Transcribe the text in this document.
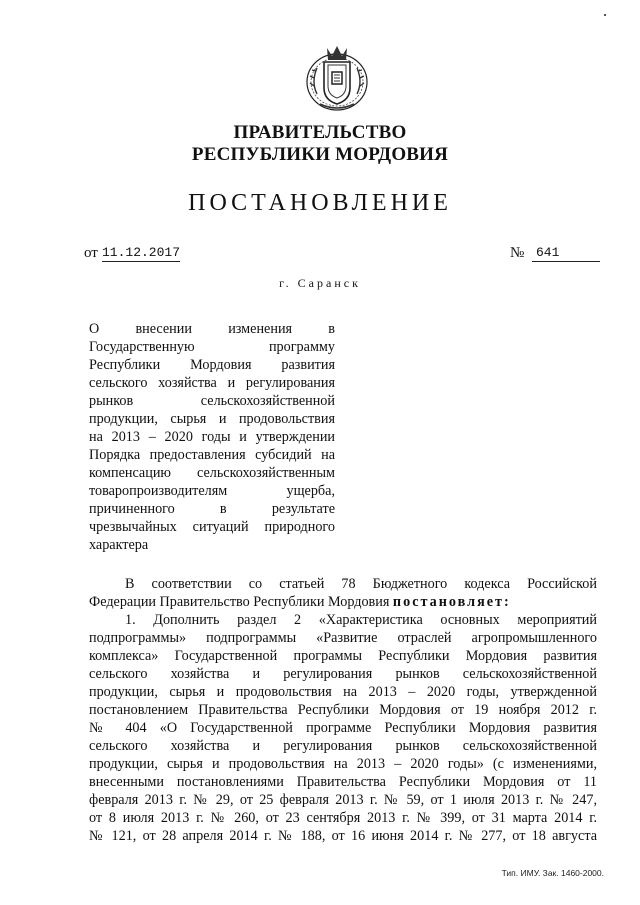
ПРАВИТЕЛЬСТВО
РЕСПУБЛИКИ МОРДОВИЯ
ПОСТАНОВЛЕНИЕ
от 11.12.2017	№ 641
г. Саранск
О внесении изменения в
Государственную программу
Республики Мордовия развития
сельского хозяйства и регулирования
рынков сельскохозяйственной
продукции, сырья и продовольствия
на 2013 – 2020 годы и утверждении
Порядка предоставления субсидий на
компенсацию сельскохозяйственным
товаропроизводителям ущерба,
причиненного в результате
чрезвычайных ситуаций природного
характера
В соответствии со статьей 78 Бюджетного кодекса Российской
Федерации Правительство Республики Мордовия постановляет:
1. Дополнить раздел 2 «Характеристика основных мероприятий
подпрограммы» подпрограммы «Развитие отраслей агропромышленного
комплекса» Государственной программы Республики Мордовия развития
сельского хозяйства и регулирования рынков сельскохозяйственной
продукции, сырья и продовольствия на 2013 – 2020 годы, утвержденной
постановлением Правительства Республики Мордовия от 19 ноября 2012 г.
№ 404 «О Государственной программе Республики Мордовия развития
сельского хозяйства и регулирования рынков сельскохозяйственной
продукции, сырья и продовольствия на 2013 – 2020 годы» (с изменениями,
внесенными постановлениями Правительства Республики Мордовия от 11
февраля 2013 г. № 29, от 25 февраля 2013 г. № 59, от 1 июля 2013 г. № 247,
от 8 июля 2013 г. № 260, от 23 сентября 2013 г. № 399, от 31 марта 2014 г.
№ 121, от 28 апреля 2014 г. № 188, от 16 июня 2014 г. № 277, от 18 августа
Тип. ИМУ. Зак. 1460-2000.
